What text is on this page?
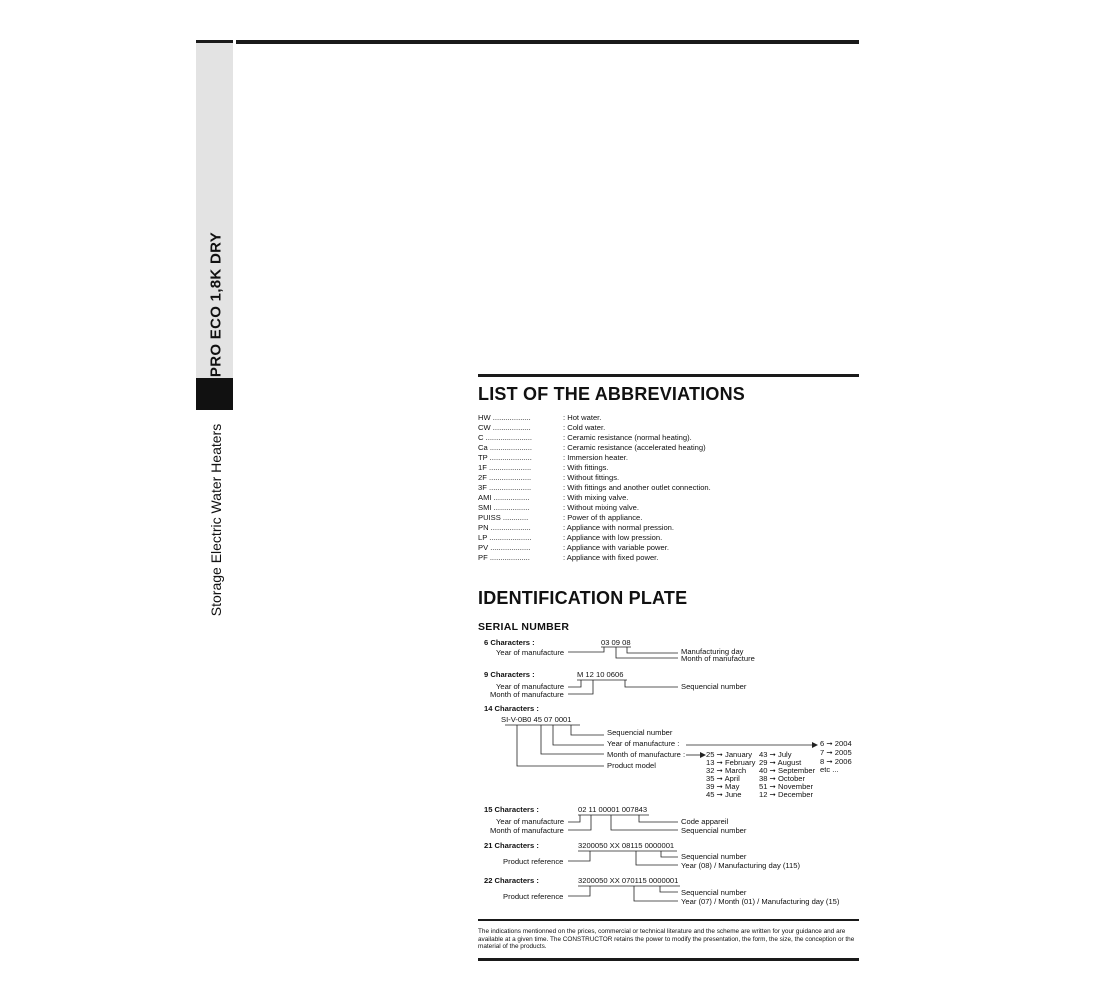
PRO ECO 1,8K DRY
Storage Electric Water Heaters
LIST OF THE ABBREVIATIONS
HW ..................	: Hot water.
CW ..................	: Cold water.
C ......................	: Ceramic resistance (normal heating).
Ca ....................	: Ceramic resistance (accelerated heating)
TP ....................	: Immersion heater.
1F ....................	: With fittings.
2F ....................	: Without fittings.
3F ....................	: With fittings and another outlet connection.
AMI .................	: With mixing valve.
SMI .................	: Without mixing valve.
PUISS ............	: Power of th appliance.
PN ...................	: Appliance with normal pression.
LP ....................	: Appliance with low pression.
PV ...................	: Appliance with variable power.
PF ...................	: Appliance with fixed power.
IDENTIFICATION PLATE
SERIAL NUMBER
6 Characters :	03 09 08
Year of manufacture	Manufacturing day
Month of manufacture
9 Characters :	M 12 10 0606
Year of manufacture
Month of manufacture
Sequencial number
14 Characters :
SI-V-0B0 45 07 0001
Sequencial number
Year of manufacture :
Month of manufacture :
Product model
6 ➞ 2004
7 ➞ 2005
8 ➞ 2006
etc ...
25 ➞ January
13 ➞ February
32 ➞ March
35 ➞ April
39 ➞ May
45 ➞ June
43 ➞ July
29 ➞ August
40 ➞ September
38 ➞ October
51 ➞ November
12 ➞ December
15 Characters :	02 11 00001 007843
Year of manufacture
Month of manufacture
Code appareil
Sequencial number
21 Characters :	3200050 XX 08115 0000001
Product reference
Sequencial number
Year (08) / Manufacturing day (115)
22 Characters :	3200050 XX 070115 0000001
Product reference	Sequencial number
Year (07) / Month (01) / Manufacturing day (15)
The indications mentionned on the prices, commercial or technical literature and the scheme are written for your guidance and are available at a given time. The CONSTRUCTOR retains the power to modify the presentation, the form, the size, the conception or the material of the products.
